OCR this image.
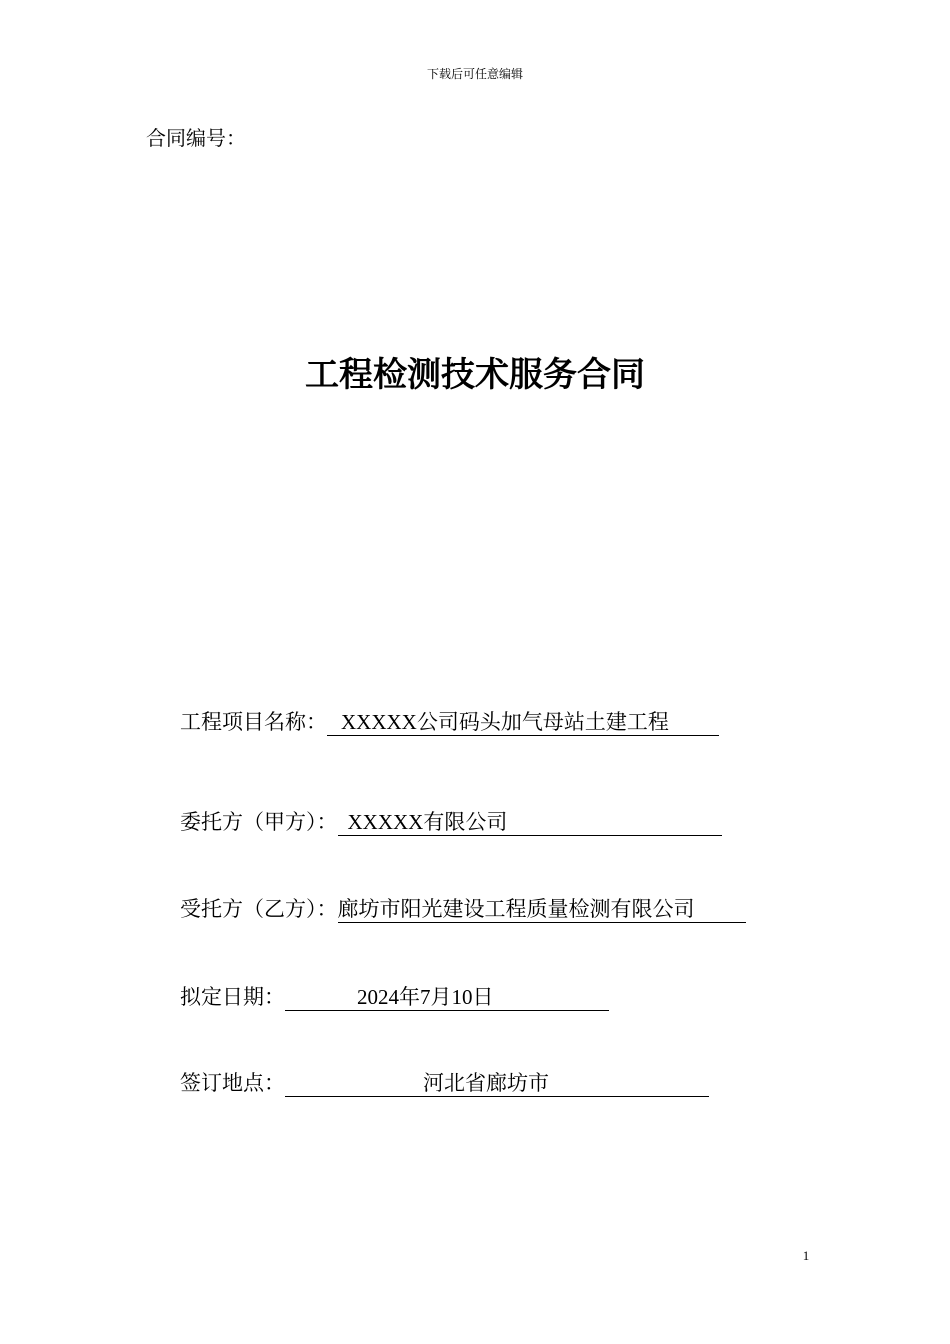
下载后可任意编辑
合同编号：
工程检测技术服务合同
工程项目名称： XXXXX公司码头加气母站土建工程
委托方（甲方）： XXXXX有限公司
受托方（乙方）：廊坊市阳光建设工程质量检测有限公司
拟定日期：	2024年7月10日
签订地点：	河北省廊坊市
1
